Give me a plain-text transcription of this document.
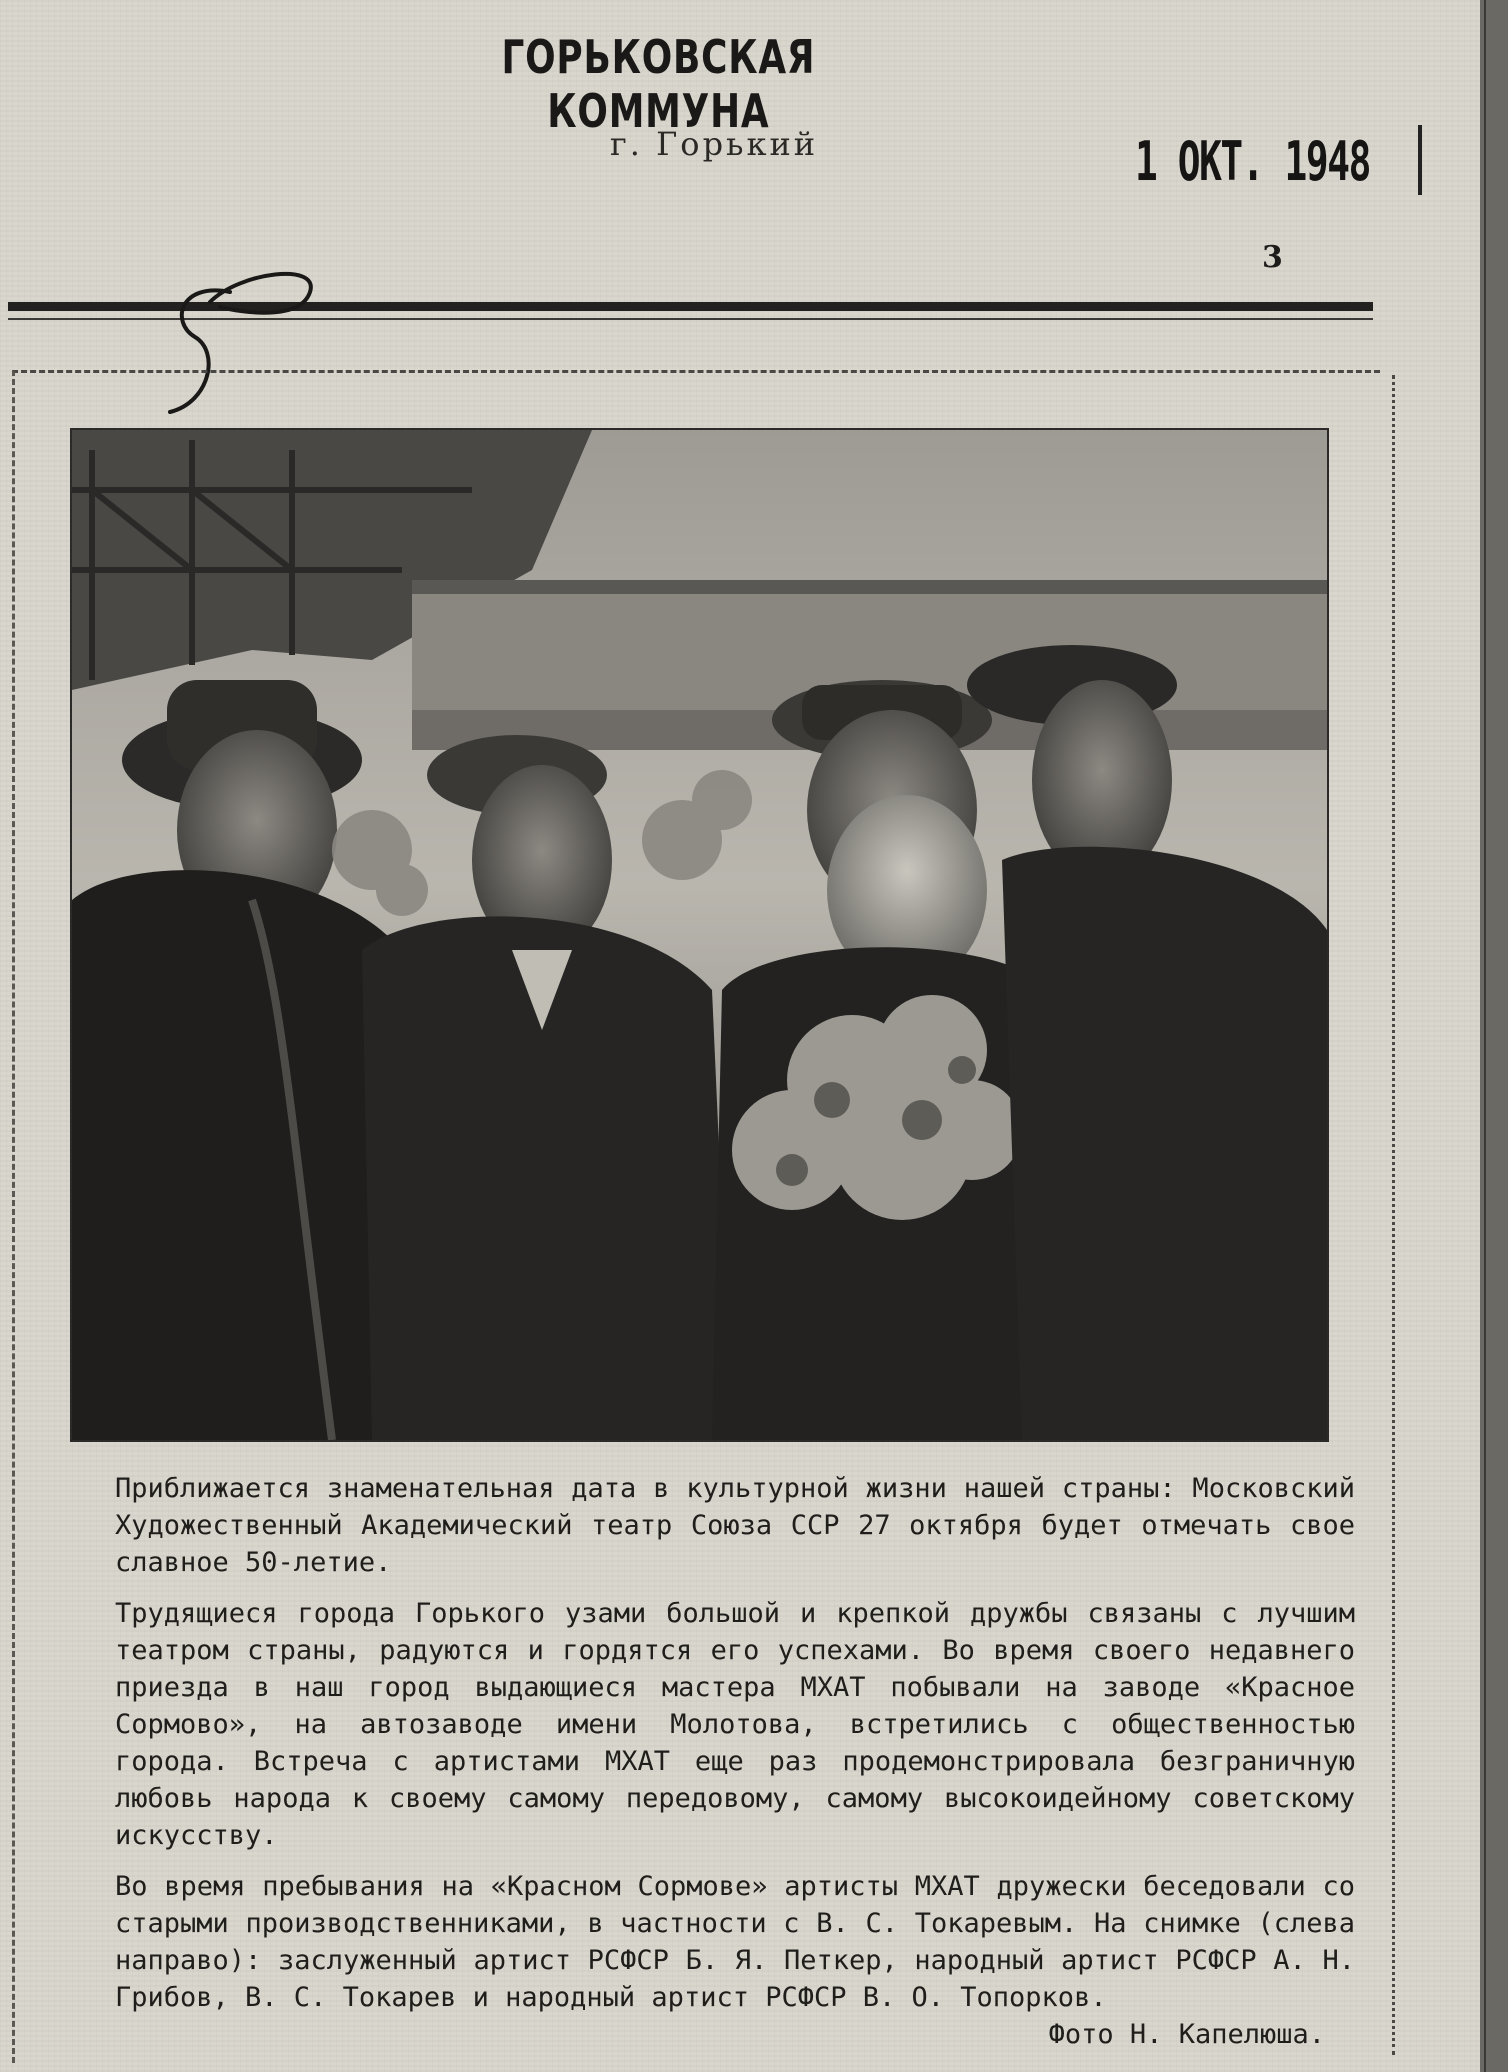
ГОРЬКОВСКАЯ КОММУНА
г. Горький	1 ОКТ. 1948
3

Приближается знаменательная дата в культурной жизни нашей страны: Московский Художественный Академический театр Союза ССР 27 октября будет отмечать свое славное 50-летие.

Трудящиеся города Горького узами большой и крепкой дружбы связаны с лучшим театром страны, радуются и гордятся его успехами. Во время своего недавнего приезда в наш город выдающиеся мастера МХАТ побывали на заводе «Красное Сормово», на автозаводе имени Молотова, встретились с общественностью города. Встреча с артистами МХАТ еще раз продемонстрировала безграничную любовь народа к своему самому передовому, самому высокоидейному советскому искусству.

Во время пребывания на «Красном Сормове» артисты МХАТ дружески беседовали со старыми производственниками, в частности с В. С. Токаревым. На снимке (слева направо): заслуженный артист РСФСР Б. Я. Петкер, народный артист РСФСР А. Н. Грибов, В. С. Токарев и народный артист РСФСР В. О. Топорков.
Фото Н. Капелюша.
